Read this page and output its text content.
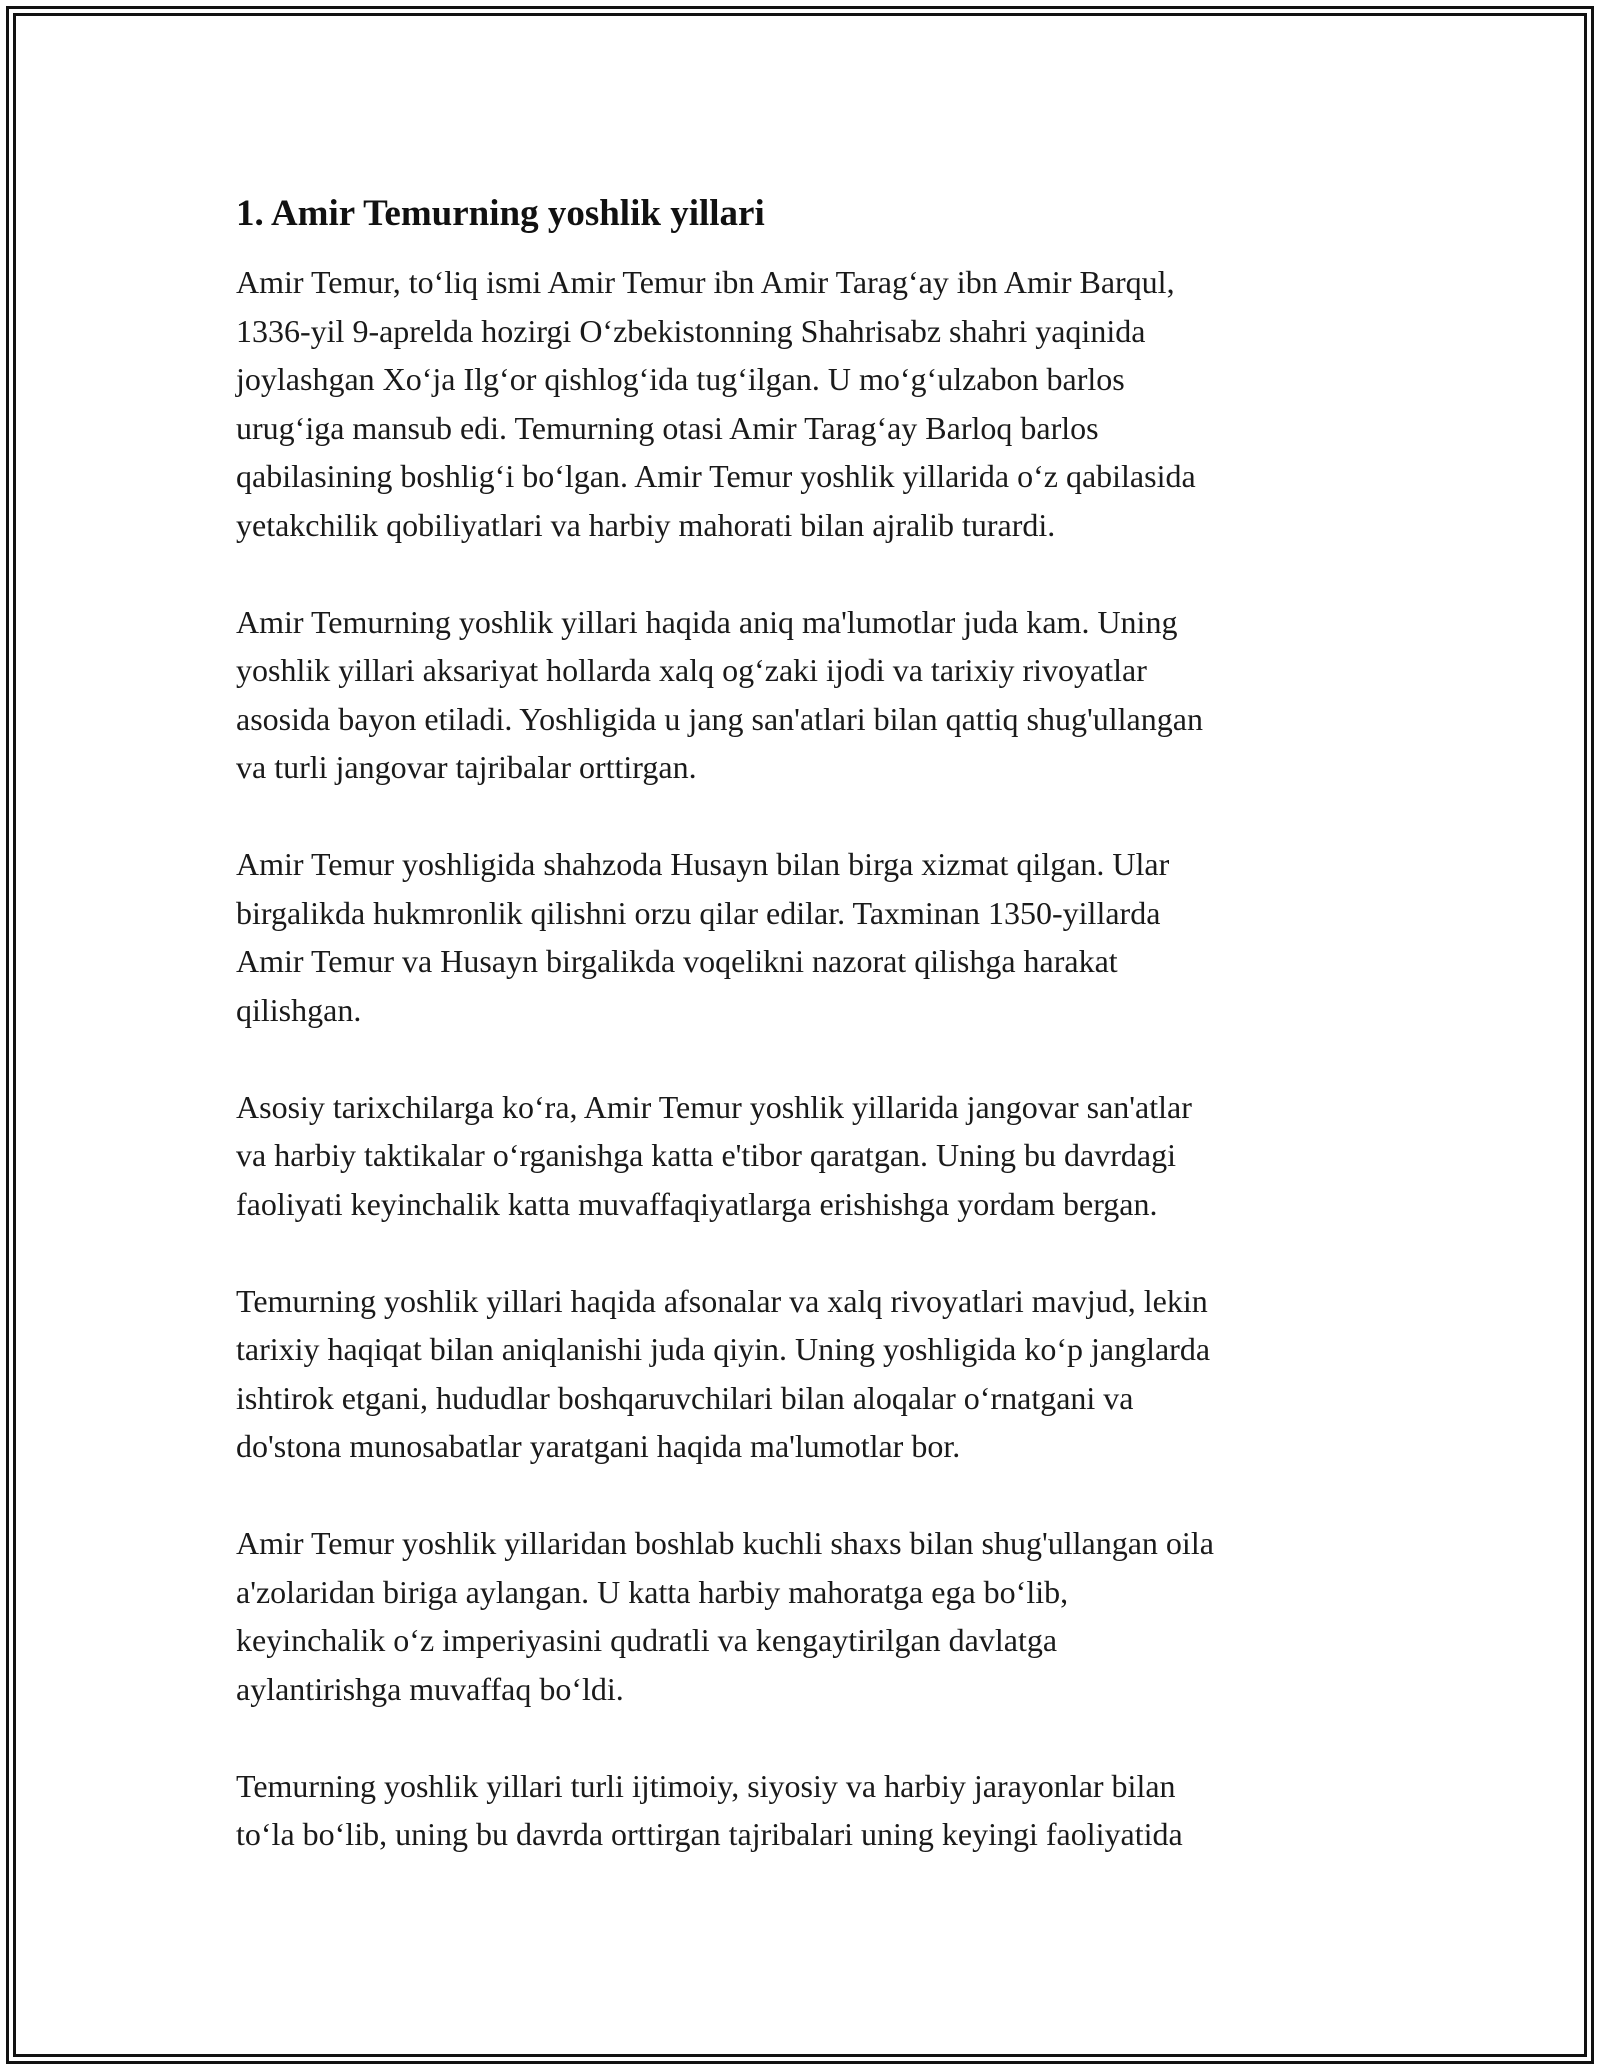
1. Amir Temurning yoshlik yillari

Amir Temur, to‘liq ismi Amir Temur ibn Amir Tarag‘ay ibn Amir Barqul,
1336-yil 9-aprelda hozirgi O‘zbekistonning Shahrisabz shahri yaqinida
joylashgan Xo‘ja Ilg‘or qishlog‘ida tug‘ilgan. U mo‘g‘ulzabon barlos
urug‘iga mansub edi. Temurning otasi Amir Tarag‘ay Barloq barlos
qabilasining boshlig‘i bo‘lgan. Amir Temur yoshlik yillarida o‘z qabilasida
yetakchilik qobiliyatlari va harbiy mahorati bilan ajralib turardi.

Amir Temurning yoshlik yillari haqida aniq ma'lumotlar juda kam. Uning
yoshlik yillari aksariyat hollarda xalq og‘zaki ijodi va tarixiy rivoyatlar
asosida bayon etiladi. Yoshligida u jang san'atlari bilan qattiq shug'ullangan
va turli jangovar tajribalar orttirgan.

Amir Temur yoshligida shahzoda Husayn bilan birga xizmat qilgan. Ular
birgalikda hukmronlik qilishni orzu qilar edilar. Taxminan 1350-yillarda
Amir Temur va Husayn birgalikda voqelikni nazorat qilishga harakat
qilishgan.

Asosiy tarixchilarga ko‘ra, Amir Temur yoshlik yillarida jangovar san'atlar
va harbiy taktikalar o‘rganishga katta e'tibor qaratgan. Uning bu davrdagi
faoliyati keyinchalik katta muvaffaqiyatlarga erishishga yordam bergan.

Temurning yoshlik yillari haqida afsonalar va xalq rivoyatlari mavjud, lekin
tarixiy haqiqat bilan aniqlanishi juda qiyin. Uning yoshligida ko‘p janglarda
ishtirok etgani, hududlar boshqaruvchilari bilan aloqalar o‘rnatgani va
do'stona munosabatlar yaratgani haqida ma'lumotlar bor.

Amir Temur yoshlik yillaridan boshlab kuchli shaxs bilan shug'ullangan oila
a'zolaridan biriga aylangan. U katta harbiy mahoratga ega bo‘lib,
keyinchalik o‘z imperiyasini qudratli va kengaytirilgan davlatga
aylantirishga muvaffaq bo‘ldi.

Temurning yoshlik yillari turli ijtimoiy, siyosiy va harbiy jarayonlar bilan
to‘la bo‘lib, uning bu davrda orttirgan tajribalari uning keyingi faoliyatida
